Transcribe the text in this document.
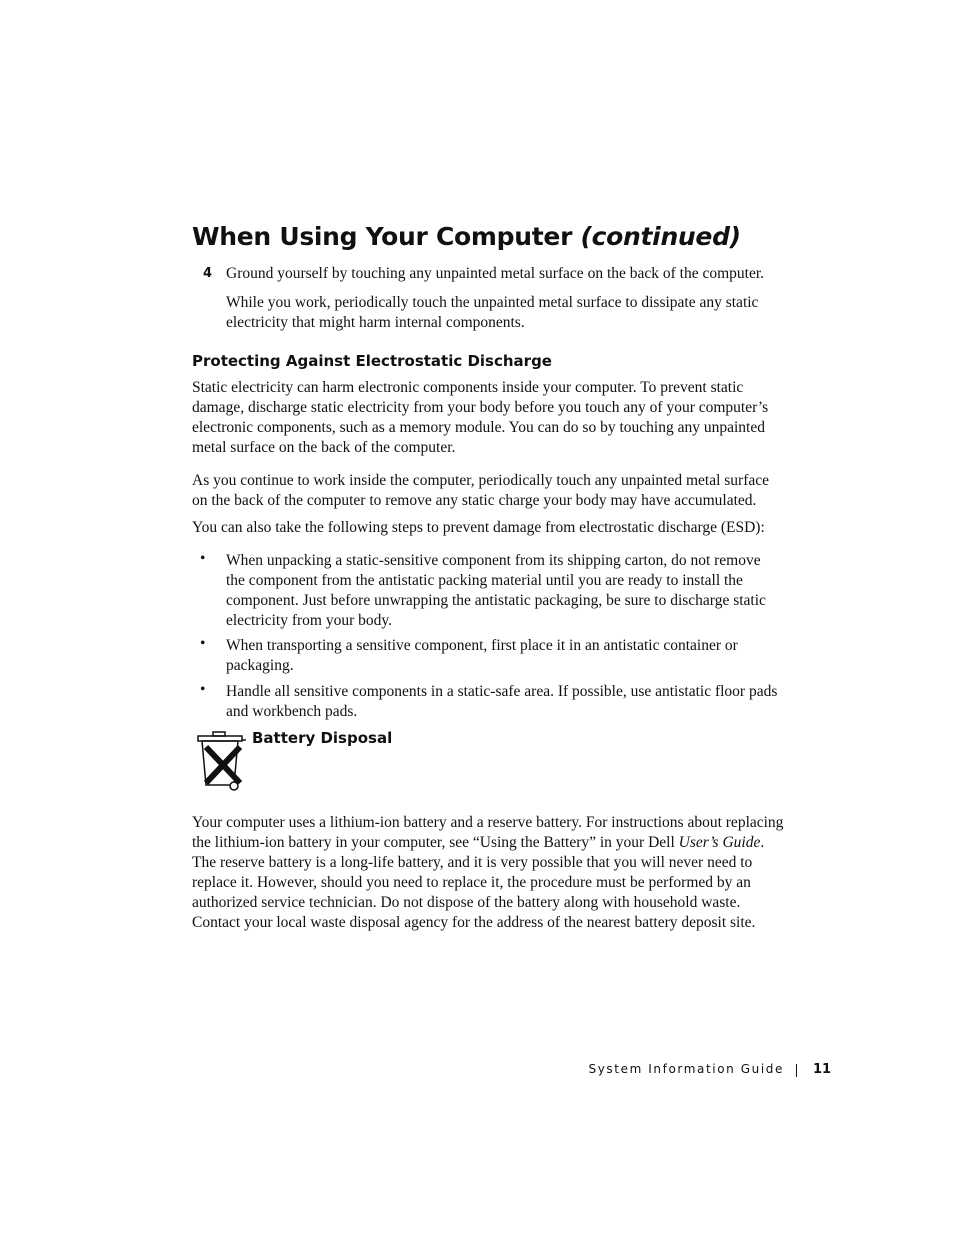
When Using Your Computer (continued)
4 Ground yourself by touching any unpainted metal surface on the back of the computer.

While you work, periodically touch the unpainted metal surface to dissipate any static
electricity that might harm internal components.

Protecting Against Electrostatic Discharge

Static electricity can harm electronic components inside your computer. To prevent static
damage, discharge static electricity from your body before you touch any of your computer’s
electronic components, such as a memory module. You can do so by touching any unpainted
metal surface on the back of the computer.

As you continue to work inside the computer, periodically touch any unpainted metal surface
on the back of the computer to remove any static charge your body may have accumulated.

You can also take the following steps to prevent damage from electrostatic discharge (ESD):

• When unpacking a static-sensitive component from its shipping carton, do not remove
the component from the antistatic packing material until you are ready to install the
component. Just before unwrapping the antistatic packaging, be sure to discharge static
electricity from your body.

• When transporting a sensitive component, first place it in an antistatic container or
packaging.

• Handle all sensitive components in a static-safe area. If possible, use antistatic floor pads
and workbench pads.

Battery Disposal

Your computer uses a lithium-ion battery and a reserve battery. For instructions about replacing
the lithium-ion battery in your computer, see “Using the Battery” in your Dell User’s Guide.
The reserve battery is a long-life battery, and it is very possible that you will never need to
replace it. However, should you need to replace it, the procedure must be performed by an
authorized service technician. Do not dispose of the battery along with household waste.
Contact your local waste disposal agency for the address of the nearest battery deposit site.

System Information Guide 11
